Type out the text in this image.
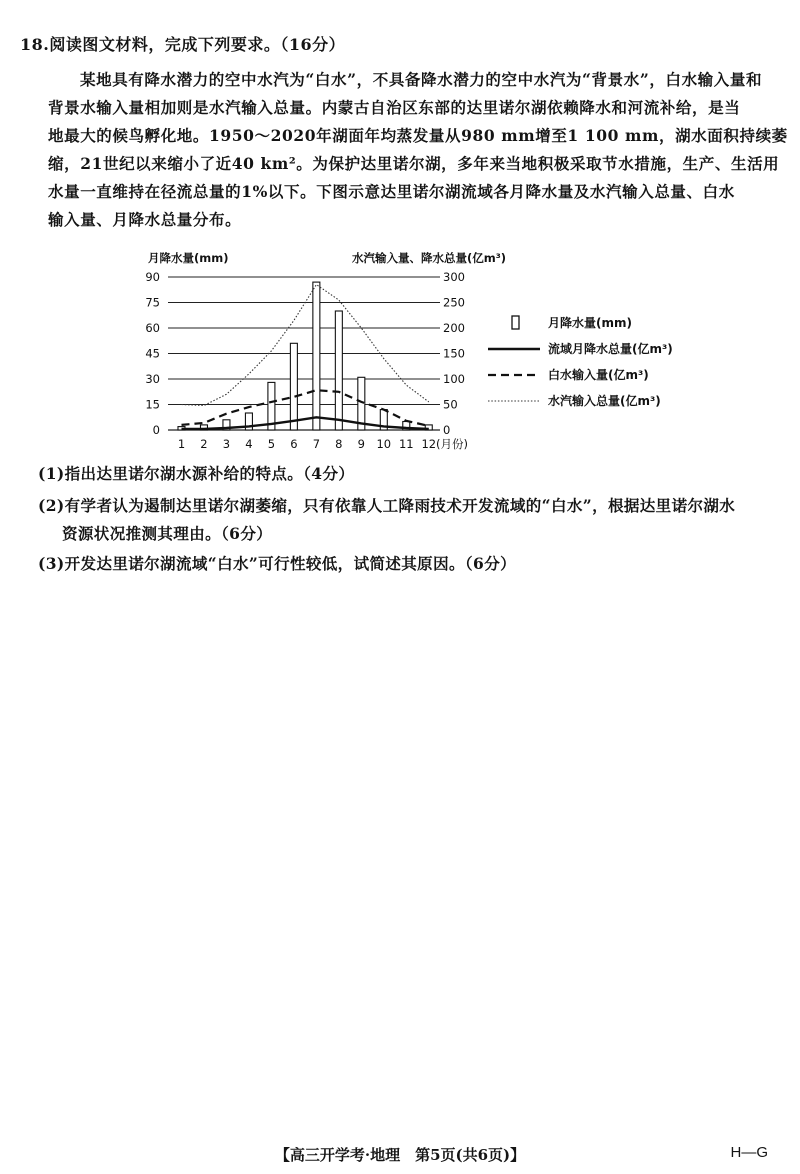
18.阅读图文材料，完成下列要求。（16分）
某地具有降水潜力的空中水汽为“白水”，不具备降水潜力的空中水汽为“背景水”，白水输入量和
背景水输入量相加则是水汽输入总量。内蒙古自治区东部的达里诺尔湖依赖降水和河流补给，是当
地最大的候鸟孵化地。1950～2020年湖面年均蒸发量从980 mm增至1 100 mm，湖水面积持续萎
缩，21世纪以来缩小了近40 km²。为保护达里诺尔湖，多年来当地积极采取节水措施，生产、生活用
水量一直维持在径流总量的1%以下。下图示意达里诺尔湖流域各月降水量及水汽输入总量、白水
输入量、月降水总量分布。
月降水量(mm)	水汽输入量、降水总量(亿m³)
0
15
30
45
60
75
90
0
50
100
150
200
250
300
1 2 3 4 5 6 7 8 9 10 11 12 (月份)
月降水量(mm)
流域月降水总量(亿m³)
白水输入量(亿m³)
水汽输入总量(亿m³)

(1)指出达里诺尔湖水源补给的特点。（4分）

(2)有学者认为遏制达里诺尔湖萎缩，只有依靠人工降雨技术开发流域的“白水”，根据达里诺尔湖水
资源状况推测其理由。（6分）

(3)开发达里诺尔湖流域“白水”可行性较低，试简述其原因。（6分）

【高三开学考·地理　第5页(共6页)】	H—G
